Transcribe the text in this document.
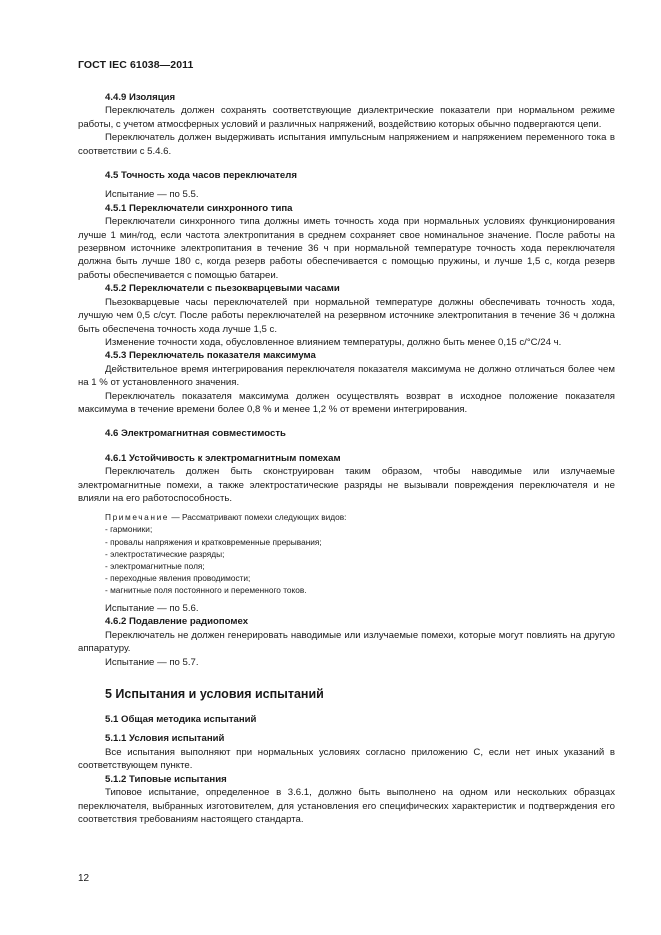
ГОСТ IEC 61038—2011

4.4.9 Изоляция

Переключатель должен сохранять соответствующие диэлектрические показатели при нормальном режиме работы, с учетом атмосферных условий и различных напряжений, воздействию которых обычно подвергаются цепи.

Переключатель должен выдерживать испытания импульсным напряжением и напряжением переменного тока в соответствии с 5.4.6.

4.5 Точность хода часов переключателя

Испытание — по 5.5.

4.5.1 Переключатели синхронного типа

Переключатели синхронного типа должны иметь точность хода при нормальных условиях функционирования лучше 1 мин/год, если частота электропитания в среднем сохраняет свое номинальное значение. После работы на резервном источнике электропитания в течение 36 ч при нормальной температуре точность хода переключателя должна быть лучше 180 с, когда резерв работы обеспечивается с помощью пружины, и лучше 1,5 с, когда резерв работы обеспечивается с помощью батареи.

4.5.2 Переключатели с пьезокварцевыми часами

Пьезокварцевые часы переключателей при нормальной температуре должны обеспечивать точность хода, лучшую чем 0,5 с/сут. После работы переключателей на резервном источнике электропитания в течение 36 ч должна быть обеспечена точность хода лучше 1,5 с.

Изменение точности хода, обусловленное влиянием температуры, должно быть менее 0,15 с/°С/24 ч.

4.5.3 Переключатель показателя максимума

Действительное время интегрирования переключателя показателя максимума не должно отличаться более чем на 1 % от установленного значения.

Переключатель показателя максимума должен осуществлять возврат в исходное положение показателя максимума в течение времени более 0,8 % и менее 1,2 % от времени интегрирования.

4.6 Электромагнитная совместимость

4.6.1 Устойчивость к электромагнитным помехам

Переключатель должен быть сконструирован таким образом, чтобы наводимые или излучаемые электромагнитные помехи, а также электростатические разряды не вызывали повреждения переключателя и не влияли на его работоспособность.

Примечание — Рассматривают помехи следующих видов:

- гармоники;
- провалы напряжения и кратковременные прерывания;
- электростатические разряды;
- электромагнитные поля;
- переходные явления проводимости;
- магнитные поля постоянного и переменного токов.

Испытание — по 5.6.

4.6.2 Подавление радиопомех

Переключатель не должен генерировать наводимые или излучаемые помехи, которые могут повлиять на другую аппаратуру.

Испытание — по 5.7.

5 Испытания и условия испытаний

5.1 Общая методика испытаний

5.1.1 Условия испытаний

Все испытания выполняют при нормальных условиях согласно приложению С, если нет иных указаний в соответствующем пункте.

5.1.2 Типовые испытания

Типовое испытание, определенное в 3.6.1, должно быть выполнено на одном или нескольких образцах переключателя, выбранных изготовителем, для установления его специфических характеристик и подтверждения его соответствия требованиям настоящего стандарта.

12
